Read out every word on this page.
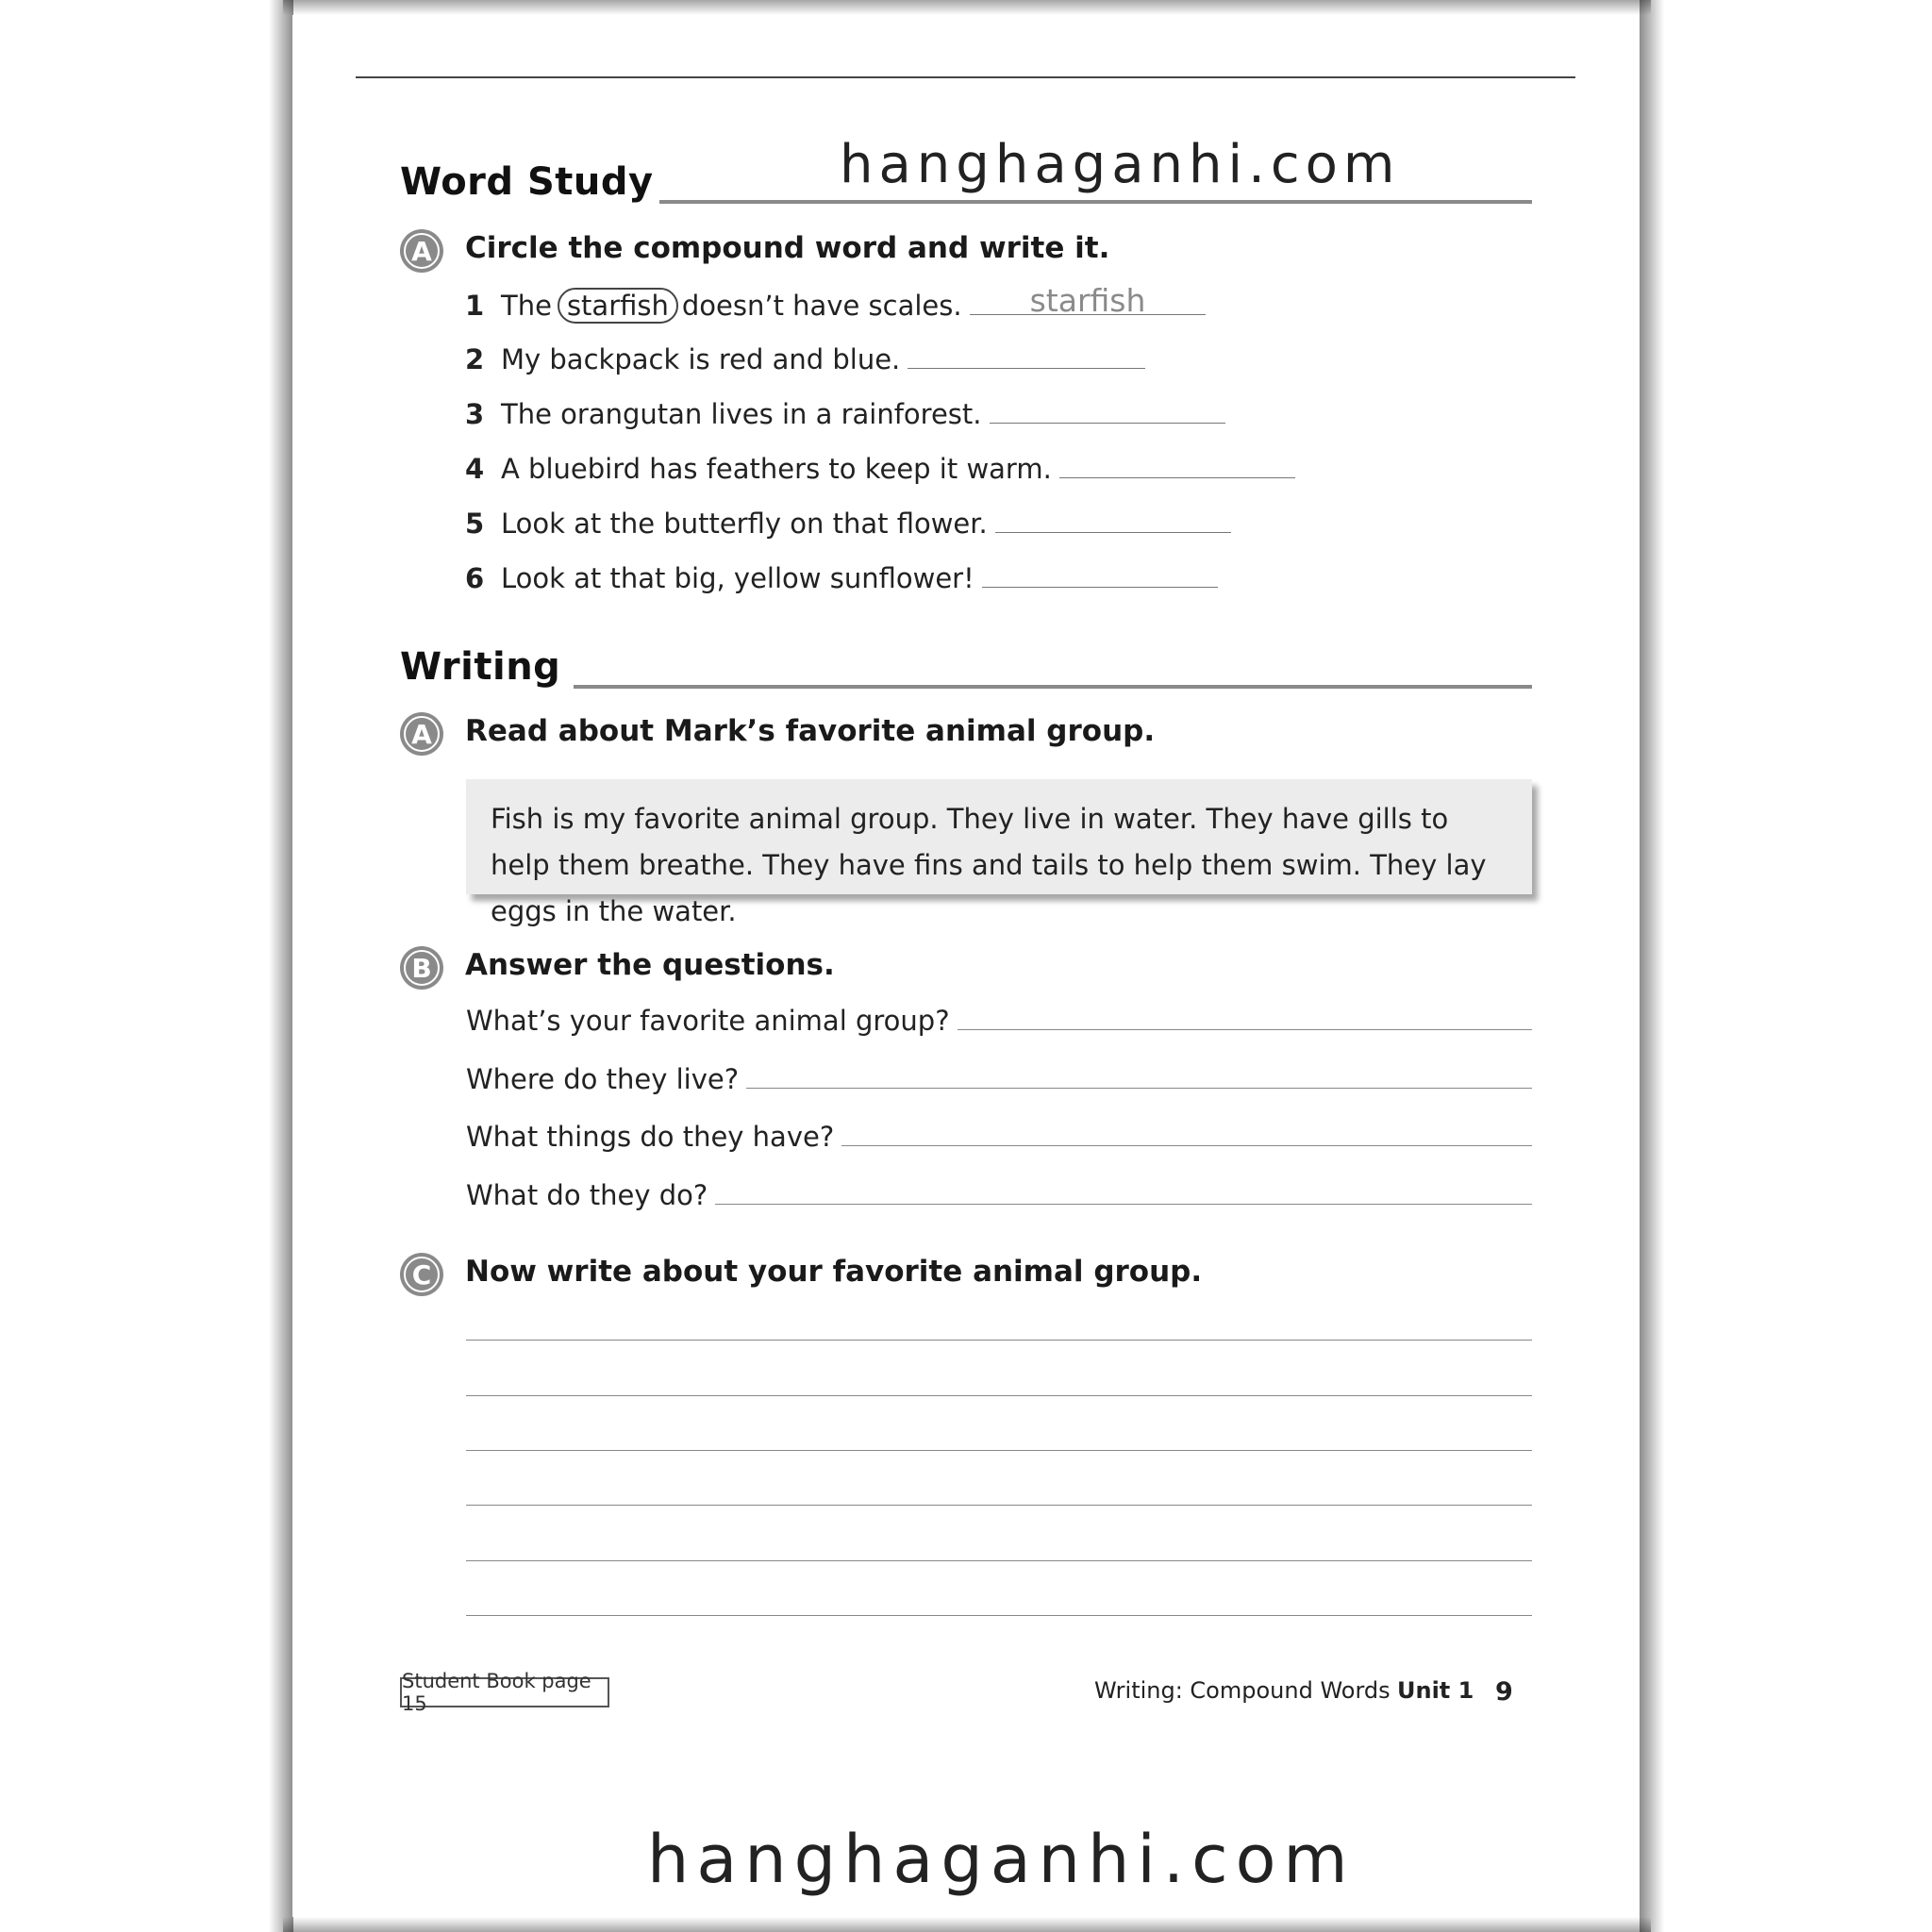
Word Study	hanghaganhi.com
A	Circle the compound word and write it.
1 The starfish doesn’t have scales. starfish
2 My backpack is red and blue.
3 The orangutan lives in a rainforest.
4 A bluebird has feathers to keep it warm.
5 Look at the butterfly on that flower.
6 Look at that big, yellow sunflower!
Writing
A	Read about Mark’s favorite animal group.
Fish is my favorite animal group. They live in water. They have gills to help them breathe. They have fins and tails to help them swim. They lay eggs in the water.
B	Answer the questions.
What’s your favorite animal group?
Where do they live?
What things do they have?
What do they do?
C	Now write about your favorite animal group.
Student Book page 15	Writing: Compound Words Unit 1 9
hanghaganhi.com
